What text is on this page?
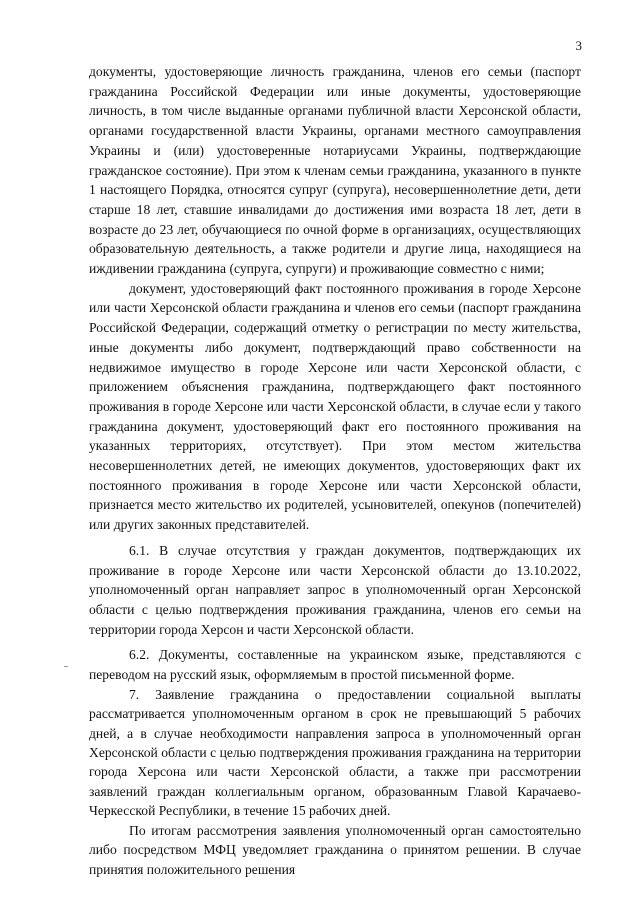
3

документы, удостоверяющие личность гражданина, членов его семьи (паспорт гражданина Российской Федерации или иные документы, удостоверяющие личность, в том числе выданные органами публичной власти Херсонской области, органами государственной власти Украины, органами местного самоуправления Украины и (или) удостоверенные нотариусами Украины, подтверждающие гражданское состояние). При этом к членам семьи гражданина, указанного в пункте 1 настоящего Порядка, относятся супруг (супруга), несовершеннолетние дети, дети старше 18 лет, ставшие инвалидами до достижения ими возраста 18 лет, дети в возрасте до 23 лет, обучающиеся по очной форме в организациях, осуществляющих образовательную деятельность, а также родители и другие лица, находящиеся на иждивении гражданина (супруга, супруги) и проживающие совместно с ними;

документ, удостоверяющий факт постоянного проживания в городе Херсоне или части Херсонской области гражданина и членов его семьи (паспорт гражданина Российской Федерации, содержащий отметку о регистрации по месту жительства, иные документы либо документ, подтверждающий право собственности на недвижимое имущество в городе Херсоне или части Херсонской области, с приложением объяснения гражданина, подтверждающего факт постоянного проживания в городе Херсоне или части Херсонской области, в случае если у такого гражданина документ, удостоверяющий факт его постоянного проживания на указанных территориях, отсутствует). При этом местом жительства несовершеннолетних детей, не имеющих документов, удостоверяющих факт их постоянного проживания в городе Херсоне или части Херсонской области, признается место жительство их родителей, усыновителей, опекунов (попечителей) или других законных представителей.

6.1. В случае отсутствия у граждан документов, подтверждающих их проживание в городе Херсоне или части Херсонской области до 13.10.2022, уполномоченный орган направляет запрос в уполномоченный орган Херсонской области с целью подтверждения проживания гражданина, членов его семьи на территории города Херсон и части Херсонской области.

6.2. Документы, составленные на украинском языке, представляются с переводом на русский язык, оформляемым в простой письменной форме.

7. Заявление гражданина о предоставлении социальной выплаты рассматривается уполномоченным органом в срок не превышающий 5 рабочих дней, а в случае необходимости направления запроса в уполномоченный орган Херсонской области с целью подтверждения проживания гражданина на территории города Херсона или части Херсонской области, а также при рассмотрении заявлений граждан коллегиальным органом, образованным Главой Карачаево-Черкесской Республики, в течение 15 рабочих дней.

По итогам рассмотрения заявления уполномоченный орган самостоятельно либо посредством МФЦ уведомляет гражданина о принятом решении. В случае принятия положительного решения
